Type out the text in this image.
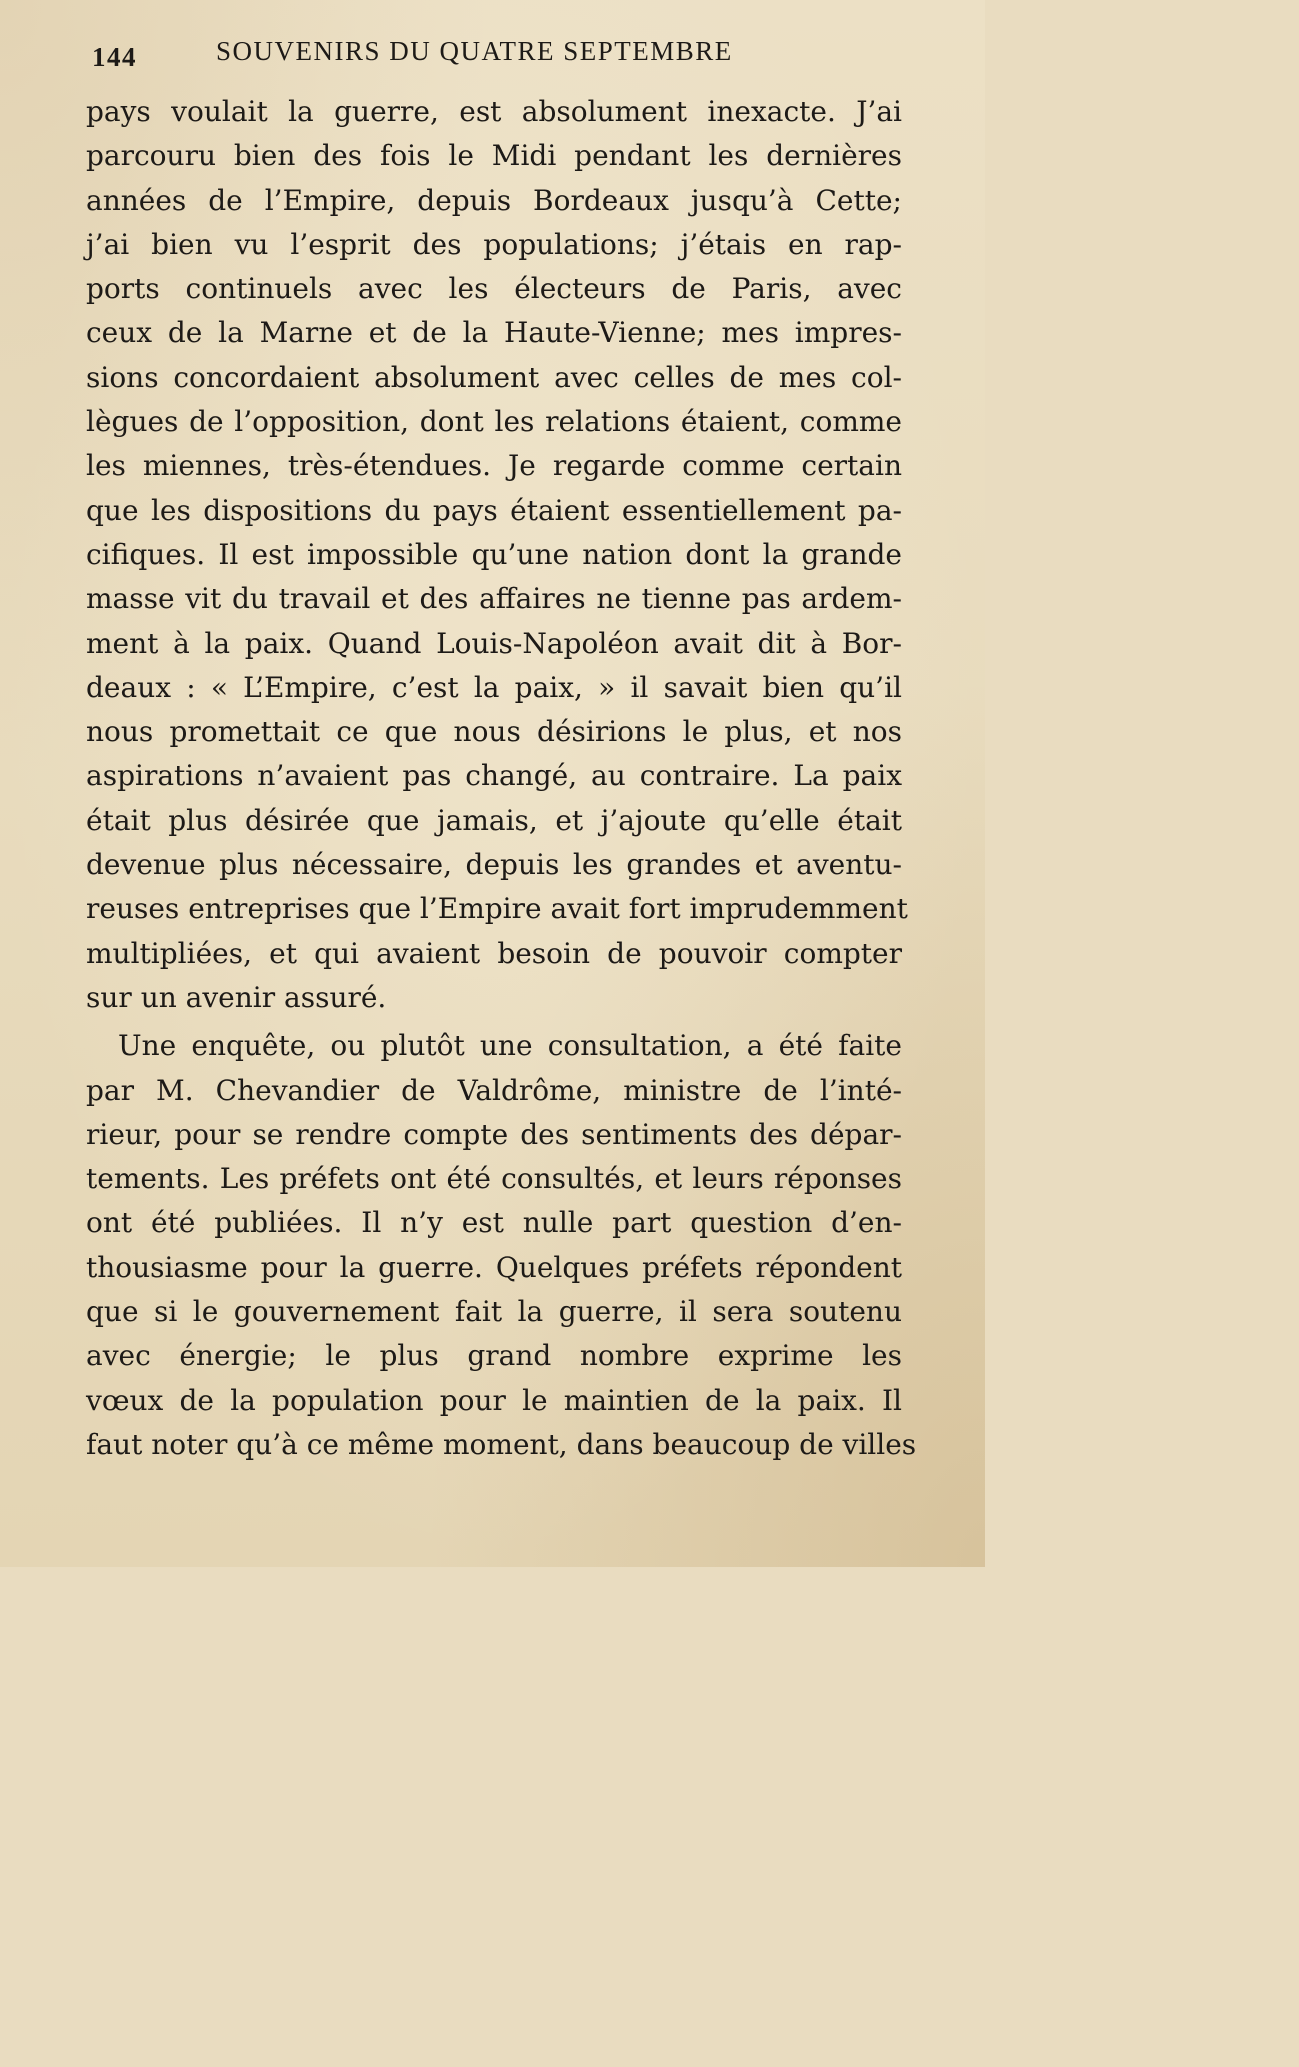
144	SOUVENIRS DU QUATRE SEPTEMBRE
pays voulait la guerre, est absolument inexacte. J’ai
parcouru bien des fois le Midi pendant les dernières
années de l’Empire, depuis Bordeaux jusqu’à Cette;
j’ai bien vu l’esprit des populations; j’étais en rap-
ports continuels avec les électeurs de Paris, avec
ceux de la Marne et de la Haute-Vienne; mes impres-
sions concordaient absolument avec celles de mes col-
lègues de l’opposition, dont les relations étaient, comme
les miennes, très-étendues. Je regarde comme certain
que les dispositions du pays étaient essentiellement pa-
cifiques. Il est impossible qu’une nation dont la grande
masse vit du travail et des affaires ne tienne pas ardem-
ment à la paix. Quand Louis-Napoléon avait dit à Bor-
deaux : « L’Empire, c’est la paix, » il savait bien qu’il
nous promettait ce que nous désirions le plus, et nos
aspirations n’avaient pas changé, au contraire. La paix
était plus désirée que jamais, et j’ajoute qu’elle était
devenue plus nécessaire, depuis les grandes et aventu-
reuses entreprises que l’Empire avait fort imprudemment
multipliées, et qui avaient besoin de pouvoir compter
sur un avenir assuré.
Une enquête, ou plutôt une consultation, a été faite
par M. Chevandier de Valdrôme, ministre de l’inté-
rieur, pour se rendre compte des sentiments des dépar-
tements. Les préfets ont été consultés, et leurs réponses
ont été publiées. Il n’y est nulle part question d’en-
thousiasme pour la guerre. Quelques préfets répondent
que si le gouvernement fait la guerre, il sera soutenu
avec énergie; le plus grand nombre exprime les
vœux de la population pour le maintien de la paix. Il
faut noter qu’à ce même moment, dans beaucoup de villes
